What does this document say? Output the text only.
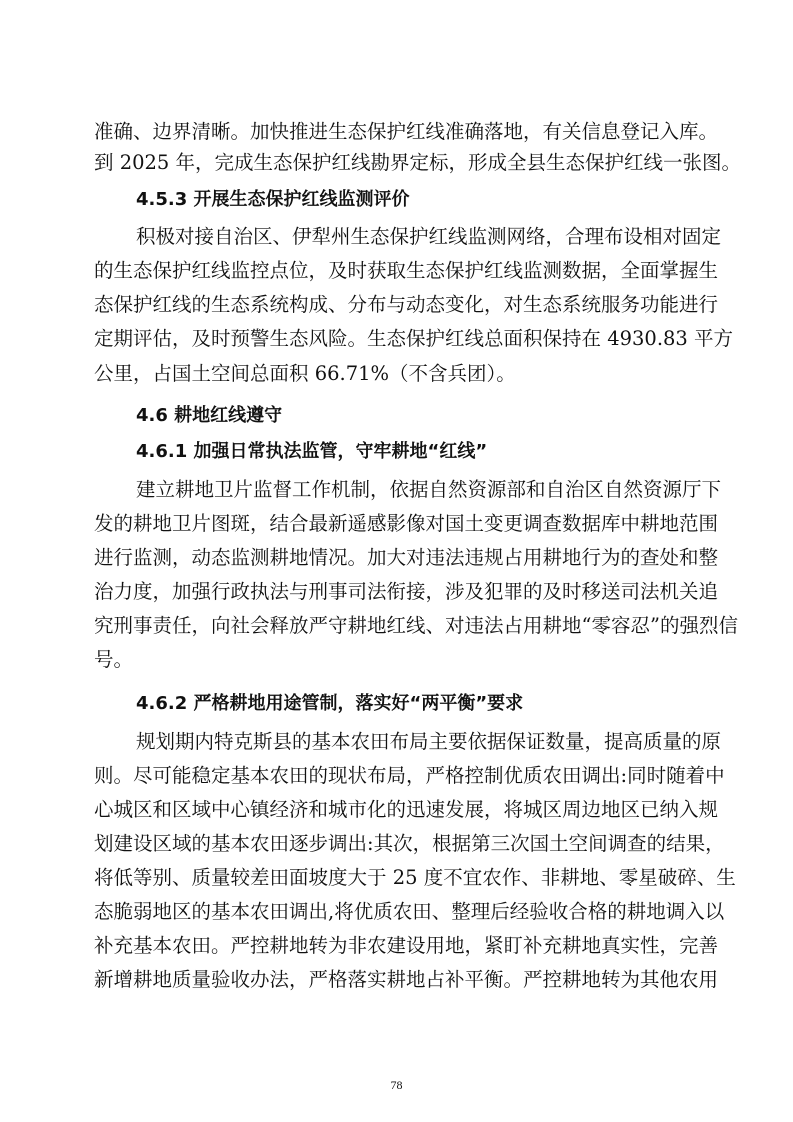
准确、边界清晰。加快推进生态保护红线准确落地，有关信息登记入库。

到 2025 年，完成生态保护红线勘界定标，形成全县生态保护红线一张图。

4.5.3 开展生态保护红线监测评价

积极对接自治区、伊犁州生态保护红线监测网络，合理布设相对固定

的生态保护红线监控点位，及时获取生态保护红线监测数据，全面掌握生

态保护红线的生态系统构成、分布与动态变化，对生态系统服务功能进行

定期评估，及时预警生态风险。生态保护红线总面积保持在 4930.83 平方

公里，占国土空间总面积 66.71%（不含兵团）。

4.6 耕地红线遵守

4.6.1 加强日常执法监管，守牢耕地“红线”

建立耕地卫片监督工作机制，依据自然资源部和自治区自然资源厅下

发的耕地卫片图斑，结合最新遥感影像对国土变更调查数据库中耕地范围

进行监测，动态监测耕地情况。加大对违法违规占用耕地行为的查处和整

治力度，加强行政执法与刑事司法衔接，涉及犯罪的及时移送司法机关追

究刑事责任，向社会释放严守耕地红线、对违法占用耕地“零容忍”的强烈信

号。

4.6.2 严格耕地用途管制，落实好“两平衡”要求

规划期内特克斯县的基本农田布局主要依据保证数量，提高质量的原

则。尽可能稳定基本农田的现状布局，严格控制优质农田调出:同时随着中

心城区和区域中心镇经济和城市化的迅速发展，将城区周边地区已纳入规

划建设区域的基本农田逐步调出:其次，根据第三次国土空间调查的结果，

将低等别、质量较差田面坡度大于 25 度不宜农作、非耕地、零星破碎、生

态脆弱地区的基本农田调出,将优质农田、整理后经验收合格的耕地调入以

补充基本农田。严控耕地转为非农建设用地，紧盯补充耕地真实性，完善

新增耕地质量验收办法，严格落实耕地占补平衡。严控耕地转为其他农用

78
